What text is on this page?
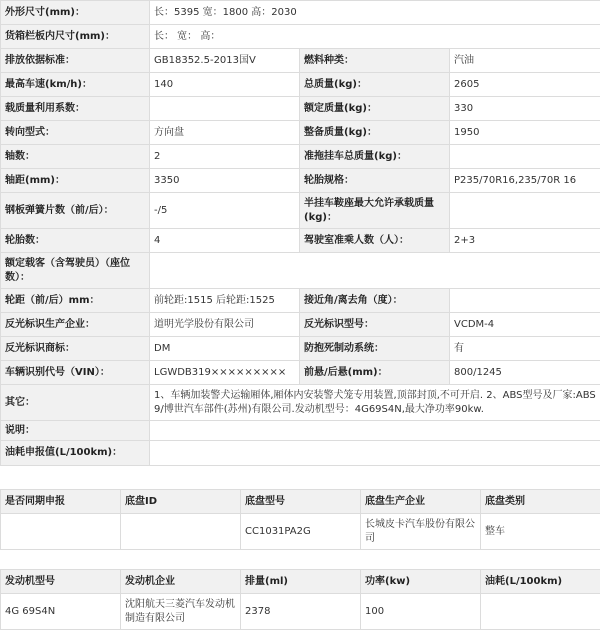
外形尺寸(mm)：	长：5395 宽：1800 高：2030		
货箱栏板内尺寸(mm)：	长： 宽： 高：		
排放依据标准：	GB18352.5-2013国Ⅴ	燃料种类：	汽油
最高车速(km/h)：	140	总质量(kg)：	2605
载质量利用系数：		额定质量(kg)：	330
转向型式：	方向盘	整备质量(kg)：	1950
轴数：	2	准拖挂车总质量(kg)：	
轴距(mm)：	3350	轮胎规格：	P235/70R16,235/70R 16
钢板弹簧片数（前/后）：	-/5	半挂车鞍座最大允许承载质量(kg)：	
轮胎数：	4	驾驶室准乘人数（人）：	2+3
额定载客（含驾驶员）（座位数）：			
轮距（前/后）mm：	前轮距:1515 后轮距:1525	接近角/离去角（度）：	
反光标识生产企业：	道明光学股份有限公司	反光标识型号：	VCDM-4
反光标识商标：	DM	防抱死制动系统：	有
车辆识别代号（VIN）：	LGWDB319×××××××××	前悬/后悬(mm)：	800/1245
其它：	1、车辆加装警犬运输厢体,厢体内安装警犬笼专用装置,顶部封顶,不可开启. 2、ABS型号及厂家:ABS9/博世汽车部件(苏州)有限公司.发动机型号：4G69S4N,最大净功率90kw.		
说明：			
油耗申报值(L/100km)：			
是否同期申报	底盘ID	底盘型号	底盘生产企业	底盘类别
		CC1031PA2G	长城皮卡汽车股份有限公司	整车
发动机型号	发动机企业	排量(ml)	功率(kw)	油耗(L/100km)
4G 69S4N	沈阳航天三菱汽车发动机制造有限公司	2378	100	
